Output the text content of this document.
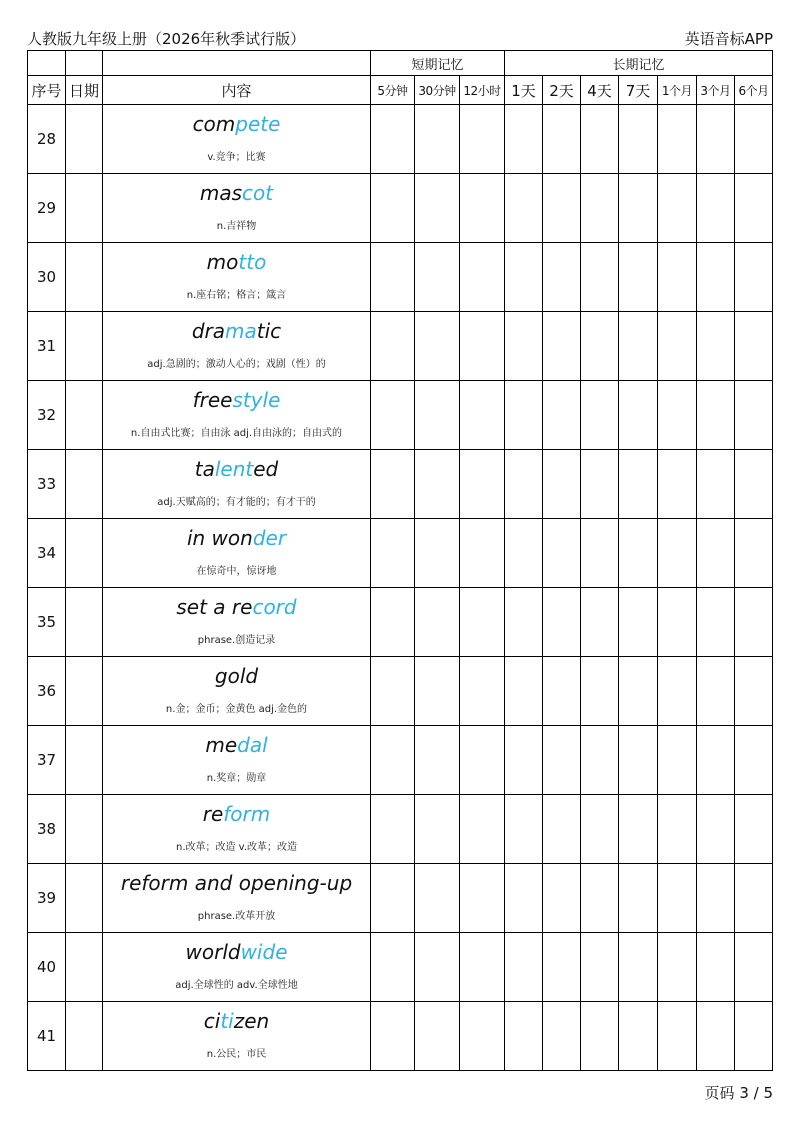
人教版九年级上册（2026年秋季试行版）	英语音标APP
			短期记忆			长期记忆						
序号	日期	内容	5分钟	30分钟	12小时	1天	2天	4天	7天	1个月	3个月	6个月
28		compete
v.竞争；比赛										

29		mascot
n.吉祥物										

30		motto
n.座右铭；格言；箴言										

31		dramatic
adj.急剧的；激动人心的；戏剧（性）的										

32		freestyle
n.自由式比赛；自由泳 adj.自由泳的；自由式的										

33		talented
adj.天赋高的；有才能的；有才干的										

34		in wonder
在惊奇中，惊讶地										

35		set a record
phrase.创造记录										

36		gold
n.金；金币；金黄色 adj.金色的										

37		medal
n.奖章；勋章										

38		reform
n.改革；改造 v.改革；改造										

39		reform and opening-up
phrase.改革开放										

40		worldwide
adj.全球性的 adv.全球性地										

41		citizen
n.公民；市民										

页码 3 / 5
